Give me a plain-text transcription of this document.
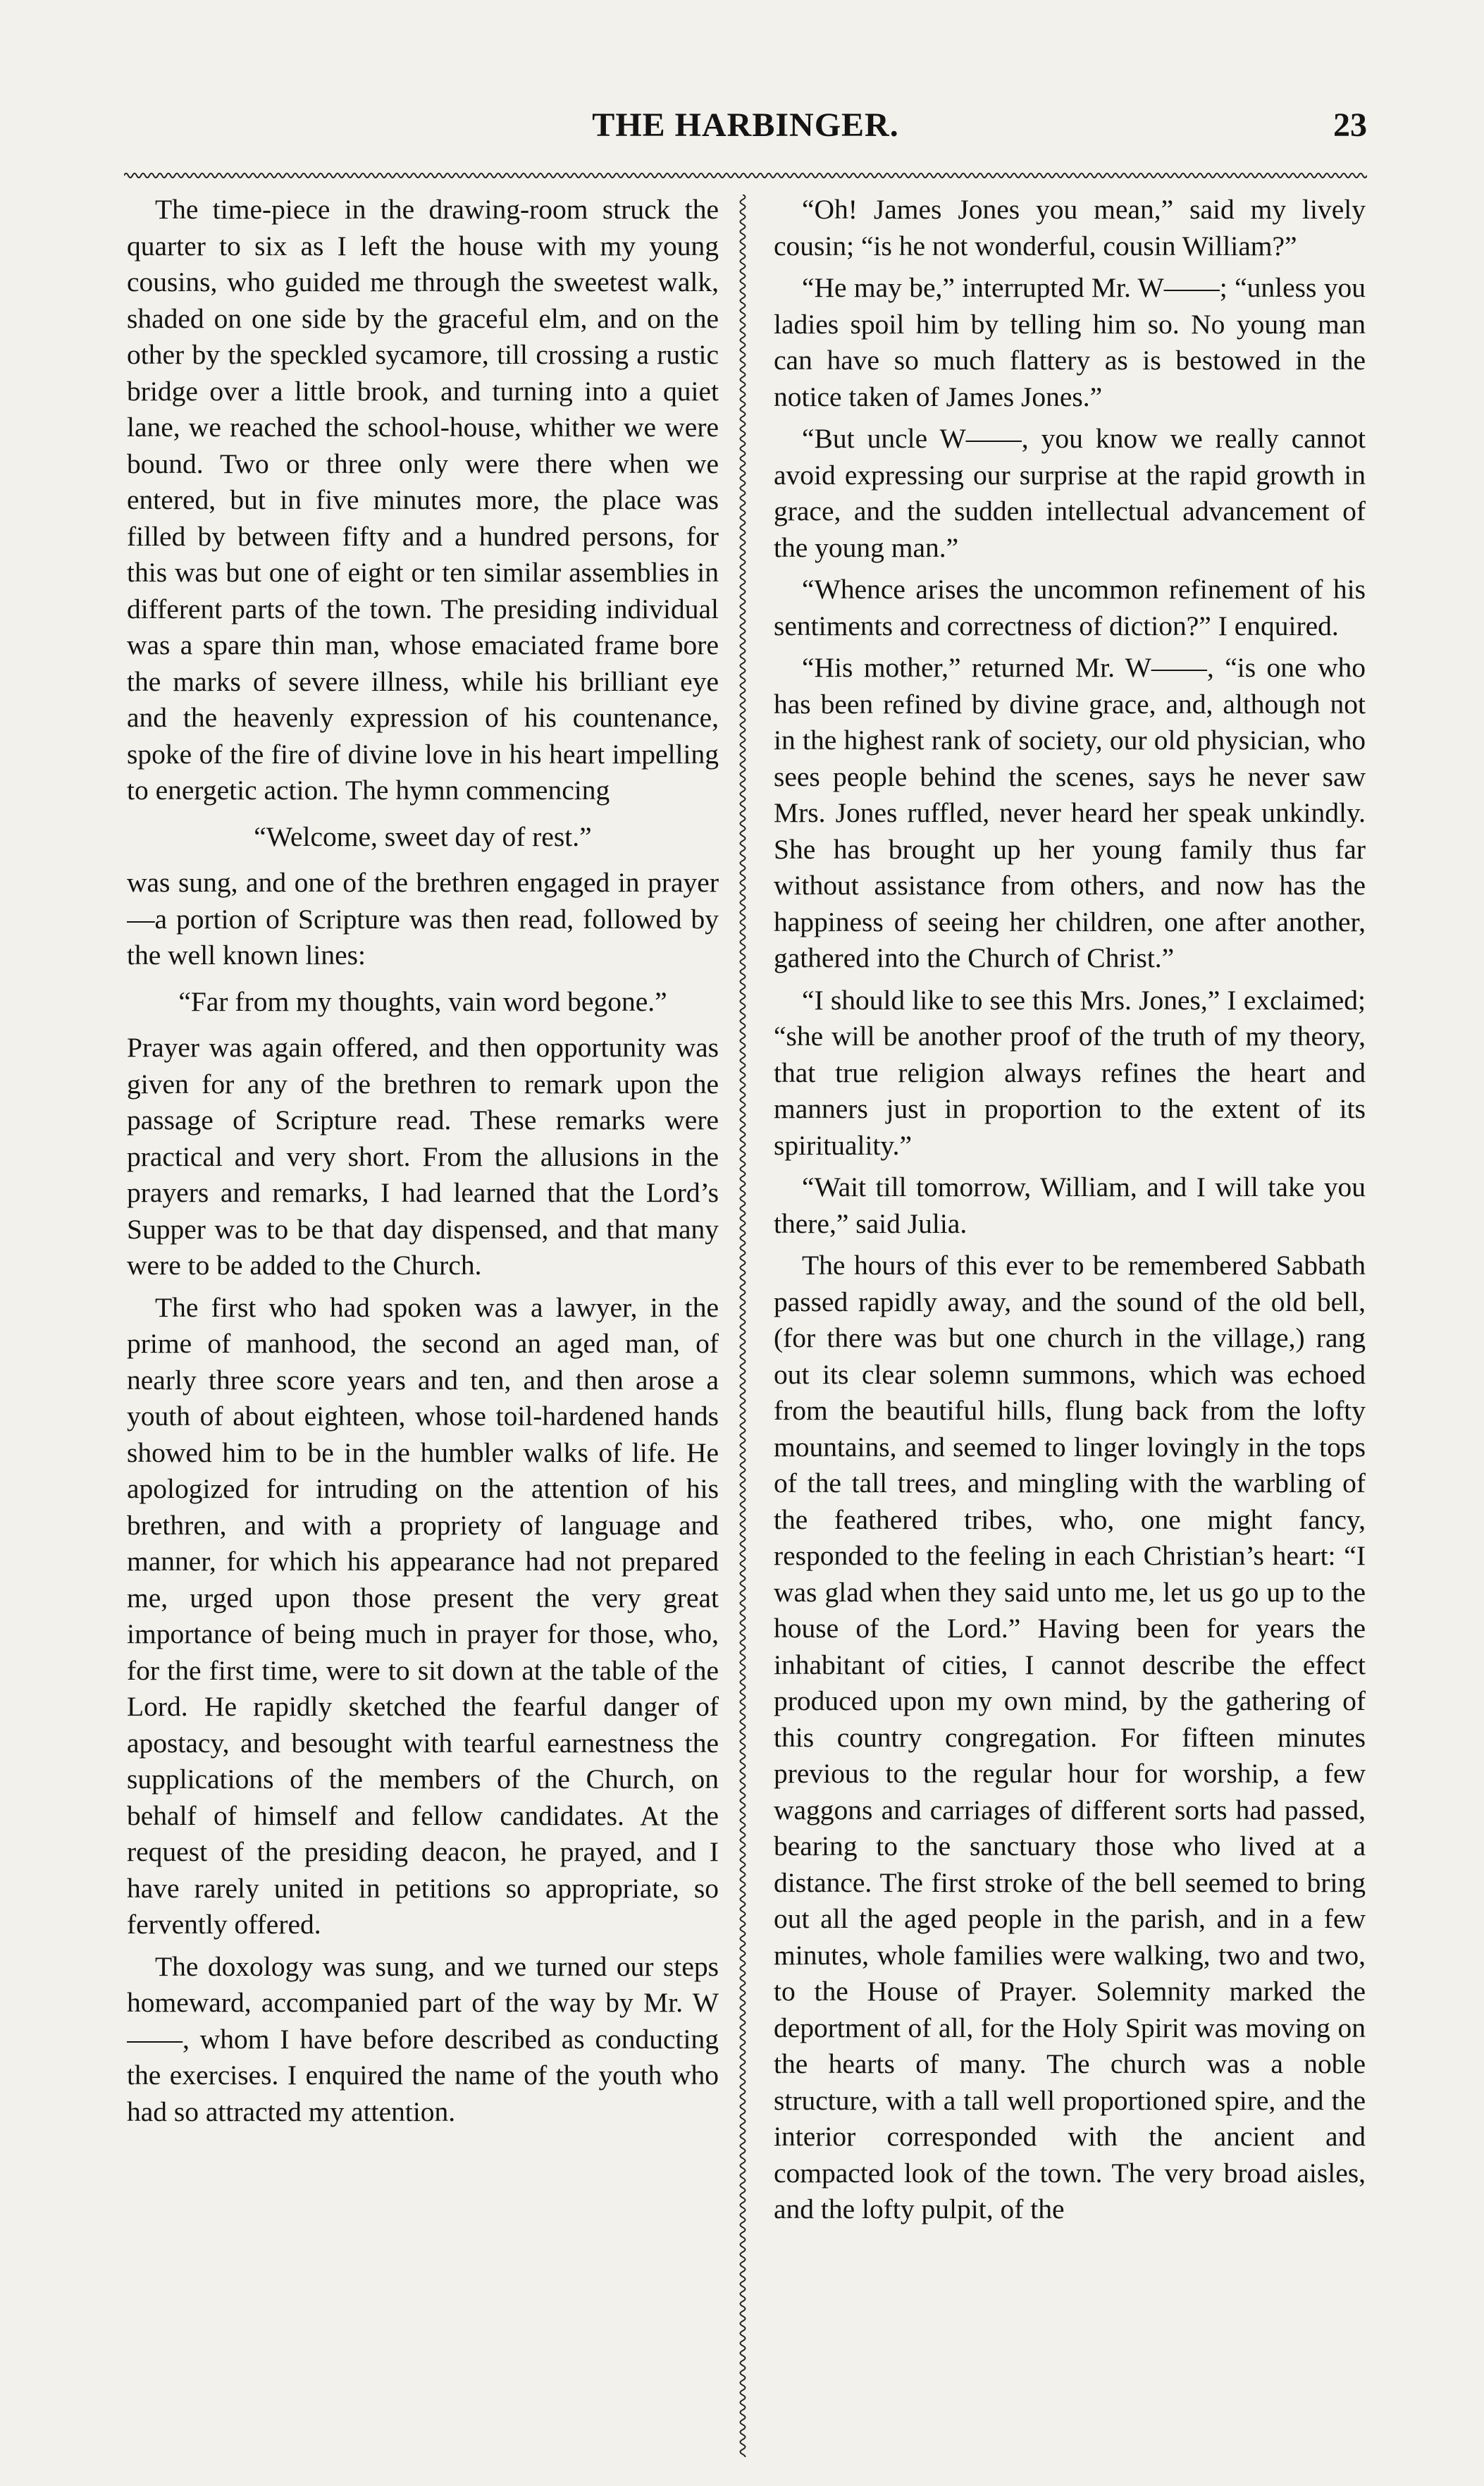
THE HARBINGER.	23

The time-piece in the drawing-room struck the quarter to six as I left the house with my young cousins, who guided me through the sweetest walk, shaded on one side by the graceful elm, and on the other by the speckled sycamore, till crossing a rustic bridge over a little brook, and turning into a quiet lane, we reached the school-house, whither we were bound. Two or three only were there when we entered, but in five minutes more, the place was filled by between fifty and a hundred persons, for this was but one of eight or ten similar assemblies in different parts of the town. The presiding individual was a spare thin man, whose emaciated frame bore the marks of severe illness, while his brilliant eye and the heavenly expression of his countenance, spoke of the fire of divine love in his heart impelling to energetic action. The hymn commencing

“Welcome, sweet day of rest.”

was sung, and one of the brethren engaged in prayer—a portion of Scripture was then read, followed by the well known lines:

“Far from my thoughts, vain word begone.”

Prayer was again offered, and then opportunity was given for any of the brethren to remark upon the passage of Scripture read. These remarks were practical and very short. From the allusions in the prayers and remarks, I had learned that the Lord’s Supper was to be that day dispensed, and that many were to be added to the Church.

The first who had spoken was a lawyer, in the prime of manhood, the second an aged man, of nearly three score years and ten, and then arose a youth of about eighteen, whose toil-hardened hands showed him to be in the humbler walks of life. He apologized for intruding on the attention of his brethren, and with a propriety of language and manner, for which his appearance had not prepared me, urged upon those present the very great importance of being much in prayer for those, who, for the first time, were to sit down at the table of the Lord. He rapidly sketched the fearful danger of apostacy, and besought with tearful earnestness the supplications of the members of the Church, on behalf of himself and fellow candidates. At the request of the presiding deacon, he prayed, and I have rarely united in petitions so appropriate, so fervently offered.

The doxology was sung, and we turned our steps homeward, accompanied part of the way by Mr. W——, whom I have before described as conducting the exercises. I enquired the name of the youth who had so attracted my attention.

“Oh! James Jones you mean,” said my lively cousin; “is he not wonderful, cousin William?”

“He may be,” interrupted Mr. W——; “unless you ladies spoil him by telling him so. No young man can have so much flattery as is bestowed in the notice taken of James Jones.”

“But uncle W——, you know we really cannot avoid expressing our surprise at the rapid growth in grace, and the sudden intellectual advancement of the young man.”

“Whence arises the uncommon refinement of his sentiments and correctness of diction?” I enquired.

“His mother,” returned Mr. W——, “is one who has been refined by divine grace, and, although not in the highest rank of society, our old physician, who sees people behind the scenes, says he never saw Mrs. Jones ruffled, never heard her speak unkindly. She has brought up her young family thus far without assistance from others, and now has the happiness of seeing her children, one after another, gathered into the Church of Christ.”

“I should like to see this Mrs. Jones,” I exclaimed; “she will be another proof of the truth of my theory, that true religion always refines the heart and manners just in proportion to the extent of its spirituality.”

“Wait till tomorrow, William, and I will take you there,” said Julia.

The hours of this ever to be remembered Sabbath passed rapidly away, and the sound of the old bell, (for there was but one church in the village,) rang out its clear solemn summons, which was echoed from the beautiful hills, flung back from the lofty mountains, and seemed to linger lovingly in the tops of the tall trees, and mingling with the warbling of the feathered tribes, who, one might fancy, responded to the feeling in each Christian’s heart: “I was glad when they said unto me, let us go up to the house of the Lord.” Having been for years the inhabitant of cities, I cannot describe the effect produced upon my own mind, by the gathering of this country congregation. For fifteen minutes previous to the regular hour for worship, a few waggons and carriages of different sorts had passed, bearing to the sanctuary those who lived at a distance. The first stroke of the bell seemed to bring out all the aged people in the parish, and in a few minutes, whole families were walking, two and two, to the House of Prayer. Solemnity marked the deportment of all, for the Holy Spirit was moving on the hearts of many. The church was a noble structure, with a tall well proportioned spire, and the interior corresponded with the ancient and compacted look of the town. The very broad aisles, and the lofty pulpit, of the
